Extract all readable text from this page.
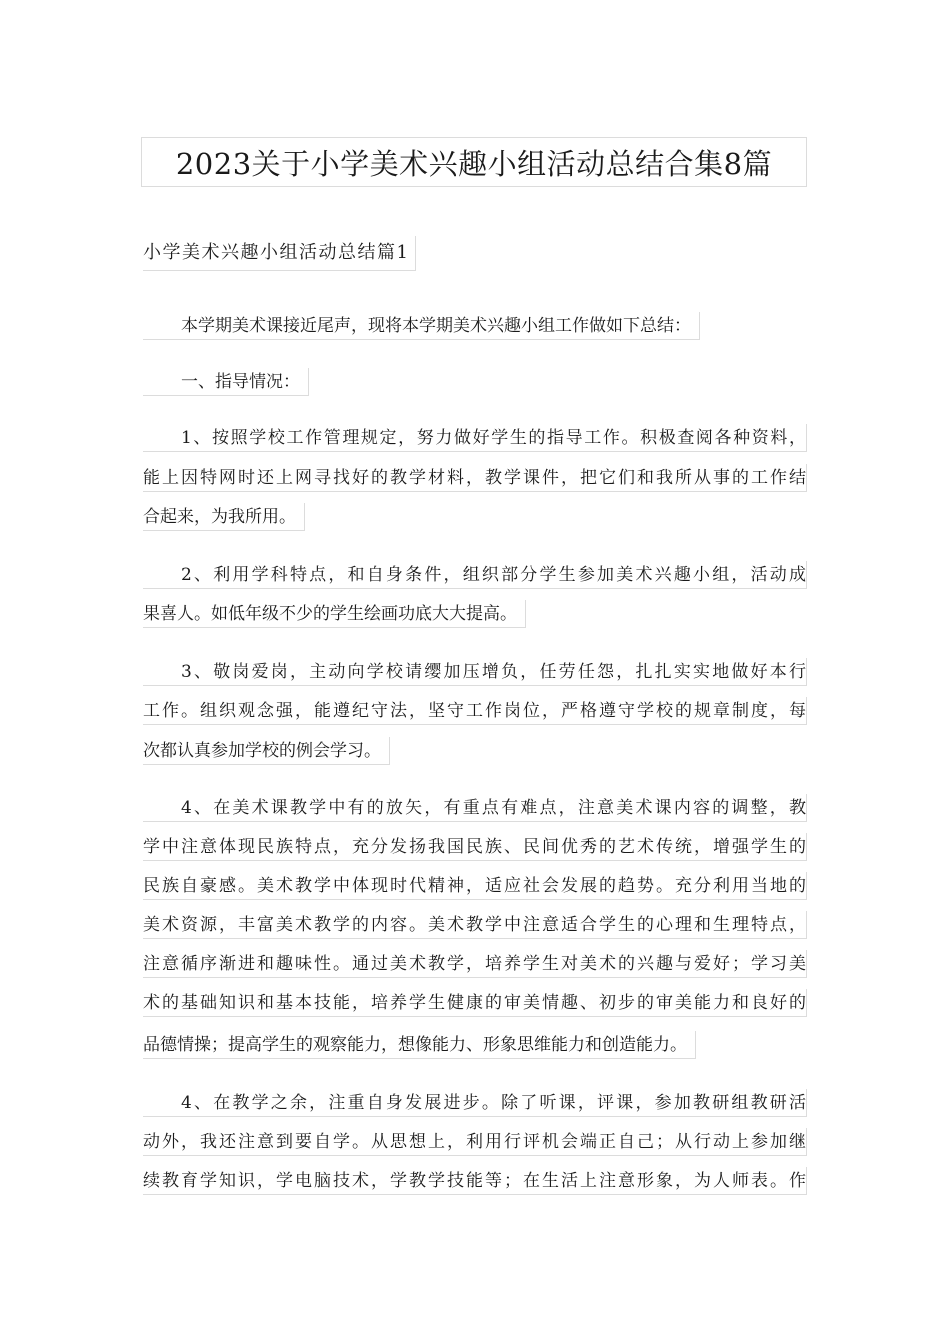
2023关于小学美术兴趣小组活动总结合集8篇
小学美术兴趣小组活动总结篇1
本学期美术课接近尾声，现将本学期美术兴趣小组工作做如下总结：
一、指导情况：
1、按照学校工作管理规定，努力做好学生的指导工作。积极查阅各种资料，
能上因特网时还上网寻找好的教学材料，教学课件，把它们和我所从事的工作结
合起来，为我所用。
2、利用学科特点，和自身条件，组织部分学生参加美术兴趣小组，活动成
果喜人。如低年级不少的学生绘画功底大大提高。
3、敬岗爱岗，主动向学校请缨加压增负，任劳任怨，扎扎实实地做好本行
工作。组织观念强，能遵纪守法，坚守工作岗位，严格遵守学校的规章制度，每
次都认真参加学校的例会学习。
4、在美术课教学中有的放矢，有重点有难点，注意美术课内容的调整，教
学中注意体现民族特点，充分发扬我国民族、民间优秀的艺术传统，增强学生的
民族自豪感。美术教学中体现时代精神，适应社会发展的趋势。充分利用当地的
美术资源，丰富美术教学的内容。美术教学中注意适合学生的心理和生理特点，
注意循序渐进和趣味性。通过美术教学，培养学生对美术的兴趣与爱好；学习美
术的基础知识和基本技能，培养学生健康的审美情趣、初步的审美能力和良好的
品德情操；提高学生的观察能力，想像能力、形象思维能力和创造能力。
4、在教学之余，注重自身发展进步。除了听课，评课，参加教研组教研活
动外，我还注意到要自学。从思想上，利用行评机会端正自己；从行动上参加继
续教育学知识，学电脑技术，学教学技能等；在生活上注意形象，为人师表。作
